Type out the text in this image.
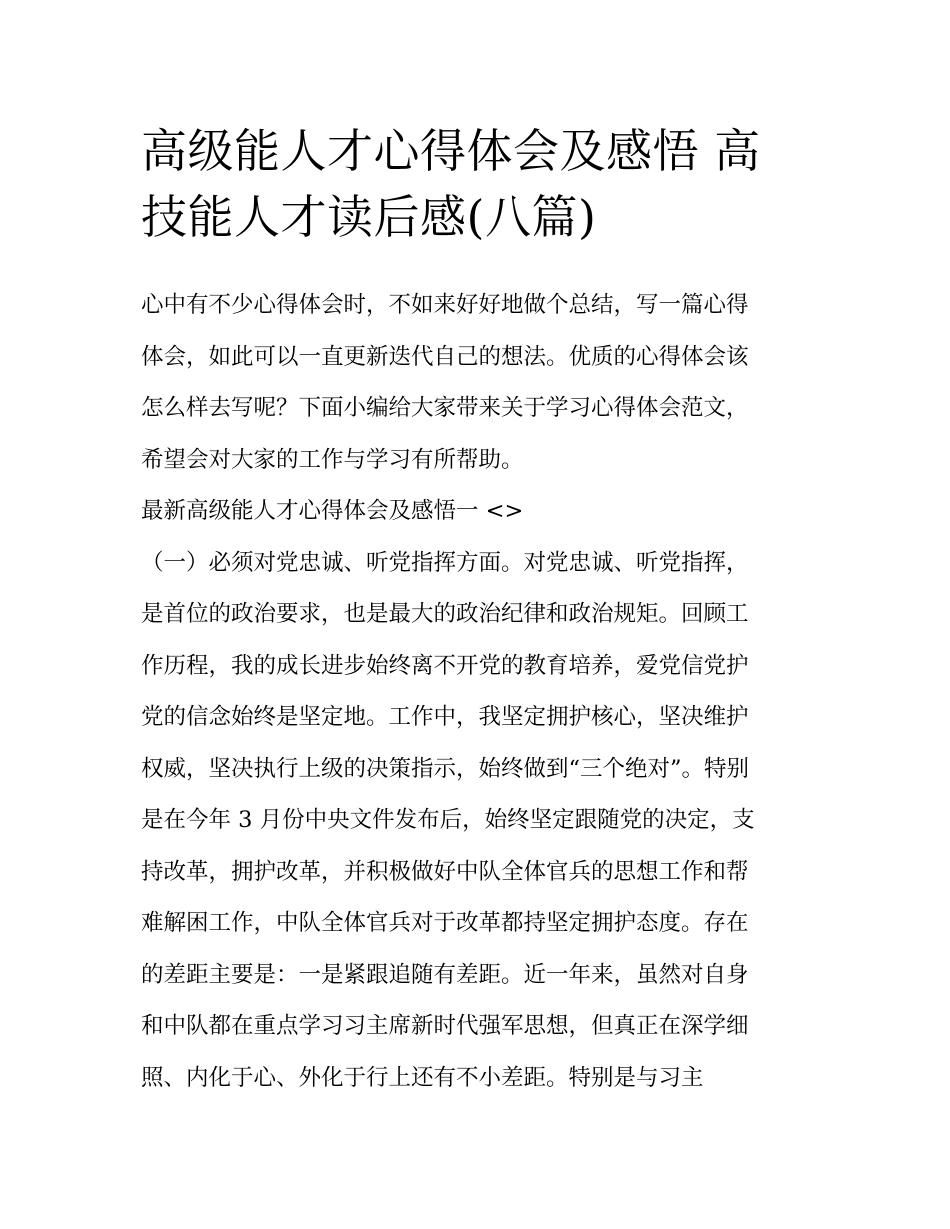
高级能人才心得体会及感悟 高
技能人才读后感(八篇)
心中有不少心得体会时，不如来好好地做个总结，写一篇心得
体会，如此可以一直更新迭代自己的想法。优质的心得体会该
怎么样去写呢？下面小编给大家带来关于学习心得体会范文，
希望会对大家的工作与学习有所帮助。
最新高级能人才心得体会及感悟一 <>
（一）必须对党忠诚、听党指挥方面。对党忠诚、听党指挥，
是首位的政治要求，也是最大的政治纪律和政治规矩。回顾工
作历程，我的成长进步始终离不开党的教育培养，爱党信党护
党的信念始终是坚定地。工作中，我坚定拥护核心，坚决维护
权威，坚决执行上级的决策指示，始终做到“三个绝对”。特别
是在今年 3 月份中央文件发布后，始终坚定跟随党的决定，支
持改革，拥护改革，并积极做好中队全体官兵的思想工作和帮
难解困工作，中队全体官兵对于改革都持坚定拥护态度。存在
的差距主要是：一是紧跟追随有差距。近一年来，虽然对自身
和中队都在重点学习习主席新时代强军思想，但真正在深学细
照、内化于心、外化于行上还有不小差距。特别是与习主
